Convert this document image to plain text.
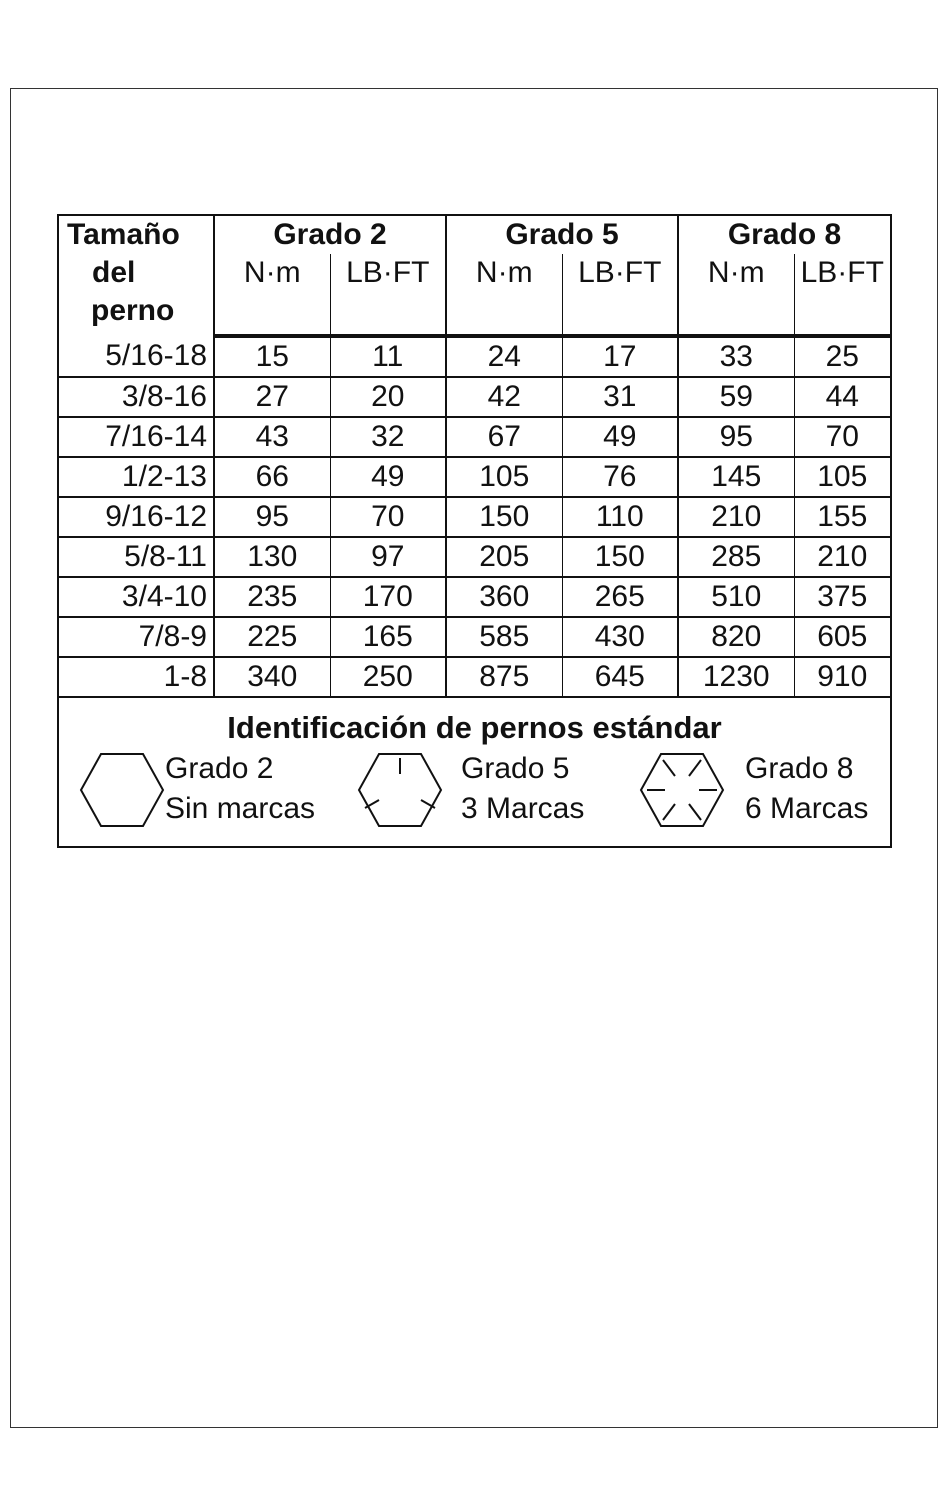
Tamaño
del
perno	Grado 2		Grado 5		Grado 8		
	N·m	LB·FT	N·m	LB·FT	N·m	LB·FT	

5/16-18	15	11	24	17	33	25	
3/8-16	27	20	42	31	59	44	
7/16-14	43	32	67	49	95	70	
1/2-13	66	49	105	76	145	105	
9/16-12	95	70	150	110	210	155	
5/8-11	130	97	205	150	285	210	
3/4-10	235	170	360	265	510	375	
7/8-9	225	165	585	430	820	605	
1-8	340	250	875	645	1230	910	
Identificación de pernos estándar
Grado 2
Sin marcas
Grado 5
3 Marcas
Grado 8
6 Marcas
